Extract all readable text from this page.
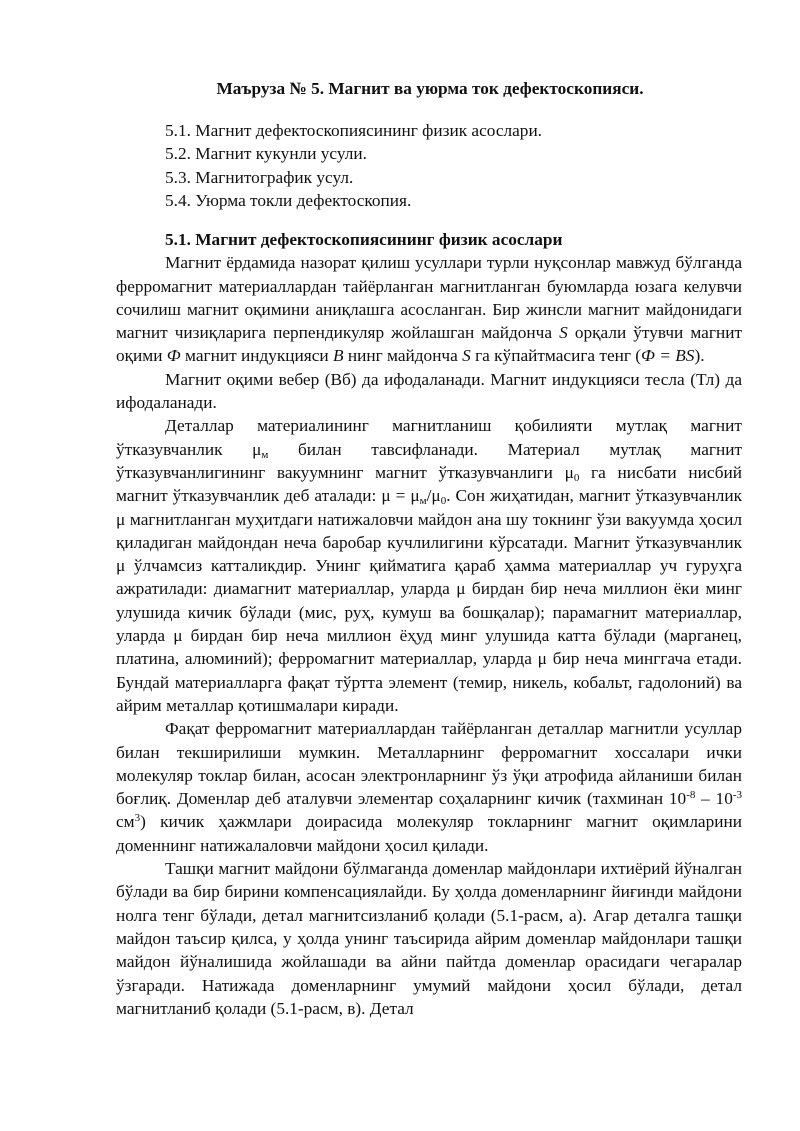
Маъруза № 5. Магнит ва уюрма ток дефектоскопияси.
5.1. Магнит дефектоскопиясининг физик асослари.
5.2. Магнит кукунли усули.
5.3. Магнитографик усул.
5.4. Уюрма токли дефектоскопия.

5.1. Магнит дефектоскопиясининг физик асослари

Магнит ёрдамида назорат қилиш усуллари турли нуқсонлар мавжуд бўлганда ферромагнит материаллардан тайёрланган магнитланган буюмларда юзага келувчи сочилиш магнит оқимини аниқлашга асосланган. Бир жинсли магнит майдонидаги магнит чизиқларига перпендикуляр жойлашган майдонча S орқали ўтувчи магнит оқими Ф магнит индукцияси В нинг майдонча S га кўпайтмасига тенг (Ф = BS).

Магнит оқими вебер (Вб) да ифодаланади. Магнит индукцияси тесла (Тл) да ифодаланади.

Деталлар материалининг магнитланиш қобилияти мутлақ магнит ўтказувчанлик $\mu_м$ билан тавсифланади. Материал мутлақ магнит ўтказувчанлигининг вакуумнинг магнит ўтказувчанлиги $\mu_0$ га нисбати нисбий магнит ўтказувчанлик деб аталади: $\mu = \mu_м/\mu_0$. Сон жиҳатидан, магнит ўтказувчанлик μ магнитланган муҳитдаги натижаловчи майдон ана шу токнинг ўзи вакуумда ҳосил қиладиган майдондан неча баробар кучлилигини кўрсатади. Магнит ўтказувчанлик μ ўлчамсиз катталикдир. Унинг қийматига қараб ҳамма материаллар уч гуруҳга ажратилади: диамагнит материаллар, уларда μ бирдан бир неча миллион ёки минг улушида кичик бўлади (мис, руҳ, кумуш ва бошқалар); парамагнит материаллар, уларда μ бирдан бир неча миллион ёҳуд минг улушида катта бўлади (марганец, платина, алюминий); ферромагнит материаллар, уларда μ бир неча минггача етади. Бундай материалларга фақат тўртта элемент (темир, никель, кобальт, гадолоний) ва айрим металлар қотишмалари киради.

Фақат ферромагнит материаллардан тайёрланган деталлар магнитли усуллар билан текширилиши мумкин. Металларнинг ферромагнит хоссалари ички молекуляр токлар билан, асосан электронларнинг ўз ўқи атрофида айланиши билан боғлиқ. Доменлар деб аталувчи элементар соҳаларнинг кичик (тахминан $10^{-8} - 10^{-3}$ $см^3$) кичик ҳажмлари доирасида молекуляр токларнинг магнит оқимларини доменнинг натижалаловчи майдони ҳосил қилади.

Ташқи магнит майдони бўлмаганда доменлар майдонлари ихтиёрий йўналган бўлади ва бир бирини компенсациялайди. Бу ҳолда доменларнинг йиғинди майдони нолга тенг бўлади, детал магнитсизланиб қолади (5.1-расм, а). Агар деталга ташқи майдон таъсир қилса, у ҳолда унинг таъсирида айрим доменлар майдонлари ташқи майдон йўналишида жойлашади ва айни пайтда доменлар орасидаги чегаралар ўзгаради. Натижада доменларнинг умумий майдони ҳосил бўлади, детал магнитланиб қолади (5.1-расм, в). Детал
